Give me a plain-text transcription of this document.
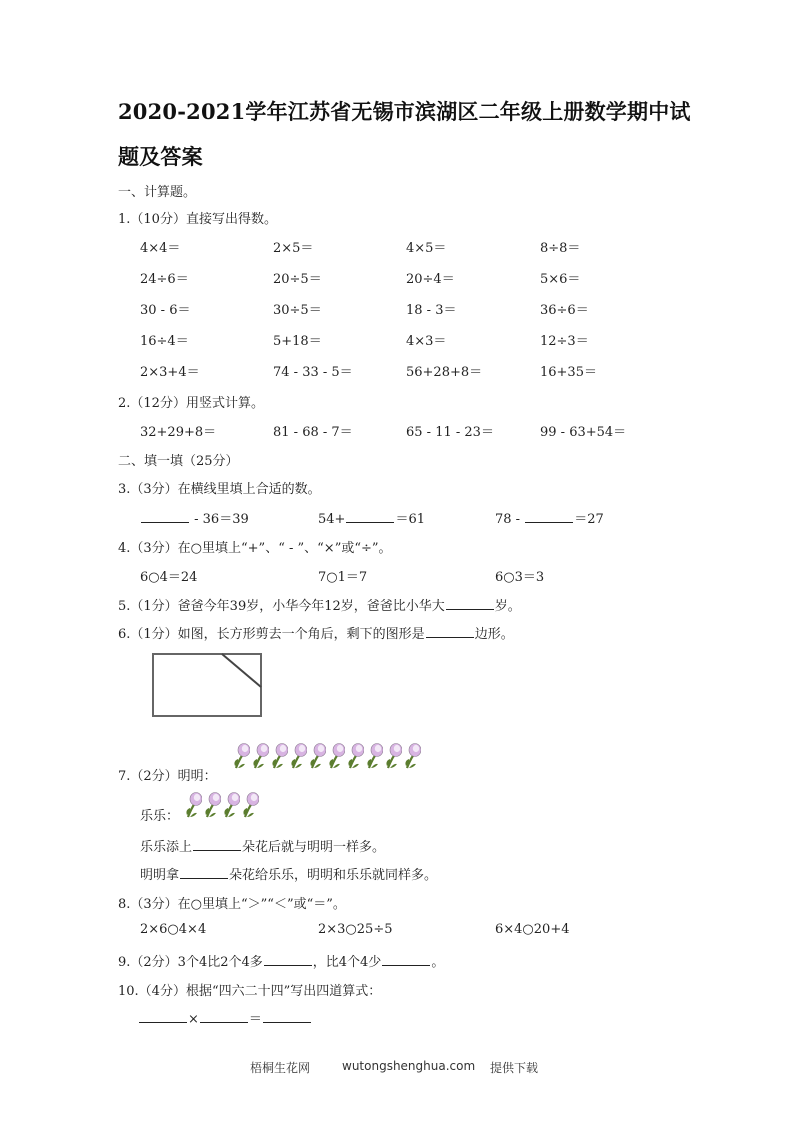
2020-2021学年江苏省无锡市滨湖区二年级上册数学期中试
题及答案
一、计算题。
1.（10分）直接写出得数。
4×4＝	2×5＝	4×5＝	8÷8＝
24÷6＝	20÷5＝	20÷4＝	5×6＝
30 - 6＝	30÷5＝	18 - 3＝	36÷6＝
16÷4＝	5+18＝	4×3＝	12÷3＝
2×3+4＝	74 - 33 - 5＝	56+28+8＝	16+35＝
2.（12分）用竖式计算。
32+29+8＝	81 - 68 - 7＝	65 - 11 - 23＝	99 - 63+54＝
二、填一填（25分）
3.（3分）在横线里填上合适的数。
- 36＝39	54+	＝61	78 -	＝27
4.（3分）在○里填上“+”、“ - ”、“×”或“÷”。
6○4＝24	7○1＝7	6○3＝3
5.（1分）爸爸今年39岁，小华今年12岁，爸爸比小华大	岁。
6.（1分）如图，长方形剪去一个角后，剩下的图形是	边形。
7.（2分）明明：
乐乐：
乐乐添上	朵花后就与明明一样多。
明明拿	朵花给乐乐，明明和乐乐就同样多。
8.（3分）在○里填上“＞”“＜”或“＝”。
2×6○4×4	2×3○25÷5	6×4○20+4
9.（2分）3个4比2个4多	，比4个4少	。
10.（4分）根据“四六二十四”写出四道算式：
×	＝
梧桐生花网	wutongshenghua.com 提供下载
